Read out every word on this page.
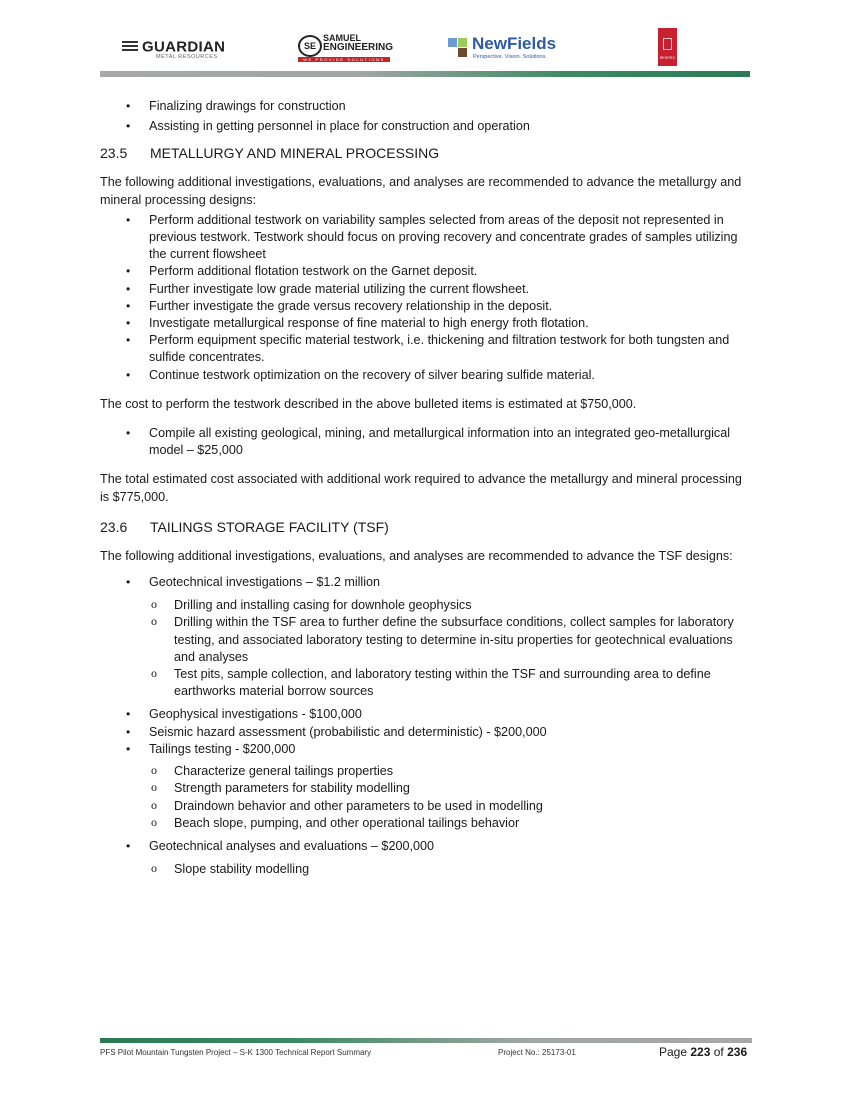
GUARDIAN
METAL RESOURCES
SE
SAMUEL
ENGINEERING
WE PROVIDE SOLUTIONS
NewFields
Perspective. Vision. Solutions.	RESPEC
• Finalizing drawings for construction
• Assisting in getting personnel in place for construction and operation
23.5 METALLURGY AND MINERAL PROCESSING

The following additional investigations, evaluations, and analyses are recommended to advance the metallurgy and mineral processing designs:

• Perform additional testwork on variability samples selected from areas of the deposit not represented in previous testwork. Testwork should focus on proving recovery and concentrate grades of samples utilizing the current flowsheet
• Perform additional flotation testwork on the Garnet deposit.
• Further investigate low grade material utilizing the current flowsheet.
• Further investigate the grade versus recovery relationship in the deposit.
• Investigate metallurgical response of fine material to high energy froth flotation.
• Perform equipment specific material testwork, i.e. thickening and filtration testwork for both tungsten and sulfide concentrates.
• Continue testwork optimization on the recovery of silver bearing sulfide material.

The cost to perform the testwork described in the above bulleted items is estimated at $750,000.

• Compile all existing geological, mining, and metallurgical information into an integrated geo-metallurgical model – $25,000

The total estimated cost associated with additional work required to advance the metallurgy and mineral processing is $775,000.

23.6 TAILINGS STORAGE FACILITY (TSF)

The following additional investigations, evaluations, and analyses are recommended to advance the TSF designs:

• Geotechnical investigations – $1.2 million
o Drilling and installing casing for downhole geophysics
o Drilling within the TSF area to further define the subsurface conditions, collect samples for laboratory testing, and associated laboratory testing to determine in-situ properties for geotechnical evaluations and analyses
o Test pits, sample collection, and laboratory testing within the TSF and surrounding area to define earthworks material borrow sources
• Geophysical investigations - $100,000
• Seismic hazard assessment (probabilistic and deterministic) - $200,000
• Tailings testing - $200,000
o Characterize general tailings properties
o Strength parameters for stability modelling
o Draindown behavior and other parameters to be used in modelling
o Beach slope, pumping, and other operational tailings behavior
• Geotechnical analyses and evaluations – $200,000
o Slope stability modelling
PFS Pilot Mountain Tungsten Project – S-K 1300 Technical Report Summary	Project No.: 25173-01	Page 223 of 236
